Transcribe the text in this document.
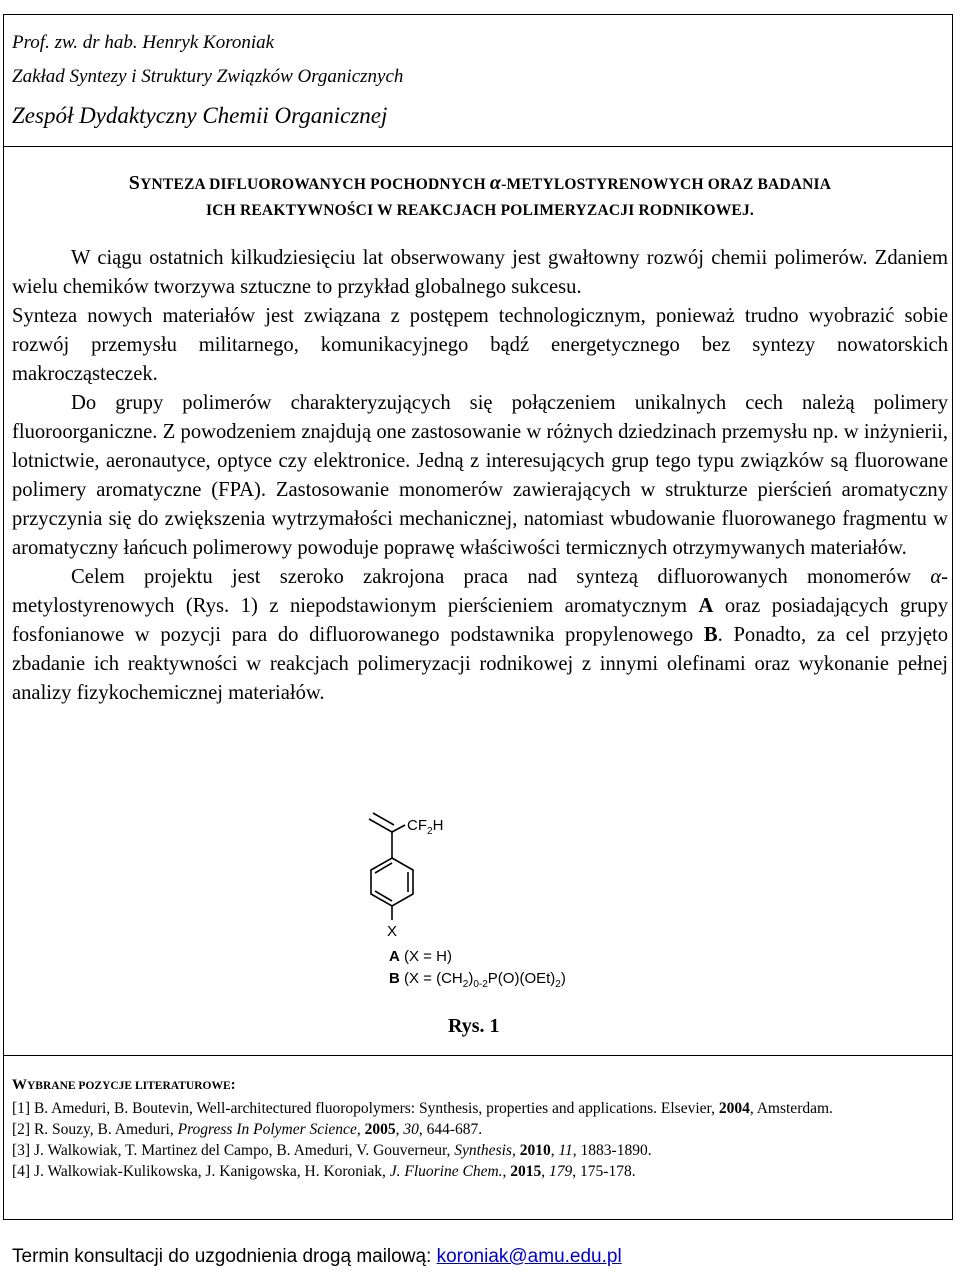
Prof. zw. dr hab. Henryk Koroniak
Zakład Syntezy i Struktury Związków Organicznych
Zespół Dydaktyczny Chemii Organicznej
SYNTEZA DIFLUOROWANYCH POCHODNYCH α-METYLOSTYRENOWYCH ORAZ BADANIA
ICH REAKTYWNOŚCI W REAKCJACH POLIMERYZACJI RODNIKOWEJ.

W ciągu ostatnich kilkudziesięciu lat obserwowany jest gwałtowny rozwój chemii polimerów. Zdaniem wielu chemików tworzywa sztuczne to przykład globalnego sukcesu.

Synteza nowych materiałów jest związana z postępem technologicznym, ponieważ trudno wyobrazić sobie rozwój przemysłu militarnego, komunikacyjnego bądź energetycznego bez syntezy nowatorskich makrocząsteczek.

Do grupy polimerów charakteryzujących się połączeniem unikalnych cech należą polimery fluoroorganiczne. Z powodzeniem znajdują one zastosowanie w różnych dziedzinach przemysłu np. w inżynierii, lotnictwie, aeronautyce, optyce czy elektronice. Jedną z interesujących grup tego typu związków są fluorowane polimery aromatyczne (FPA). Zastosowanie monomerów zawierających w strukturze pierścień aromatyczny przyczynia się do zwiększenia wytrzymałości mechanicznej, natomiast wbudowanie fluorowanego fragmentu w aromatyczny łańcuch polimerowy powoduje poprawę właściwości termicznych otrzymywanych materiałów.

Celem projektu jest szeroko zakrojona praca nad syntezą difluorowanych monomerów α-metylostyrenowych (Rys. 1) z niepodstawionym pierścieniem aromatycznym A oraz posiadających grupy fosfonianowe w pozycji para do difluorowanego podstawnika propylenowego B. Ponadto, za cel przyjęto zbadanie ich reaktywności w reakcjach polimeryzacji rodnikowej z innymi olefinami oraz wykonanie pełnej analizy fizykochemicznej materiałów.

$CF_2H$
X
A (X = H)
B $(X = (CH_2)_{0-2}P(O)(OEt)_2)$
Rys. 1
WYBRANE POZYCJE LITERATUROWE:
[1] B. Ameduri, B. Boutevin, Well-architectured fluoropolymers: Synthesis, properties and applications. Elsevier, 2004, Amsterdam.
[2] R. Souzy, B. Ameduri, Progress In Polymer Science, 2005, 30, 644-687.
[3] J. Walkowiak, T. Martinez del Campo, B. Ameduri, V. Gouverneur, Synthesis, 2010, 11, 1883-1890.
[4] J. Walkowiak-Kulikowska, J. Kanigowska, H. Koroniak, J. Fluorine Chem., 2015, 179, 175-178.
Termin konsultacji do uzgodnienia drogą mailową: koroniak@amu.edu.pl
